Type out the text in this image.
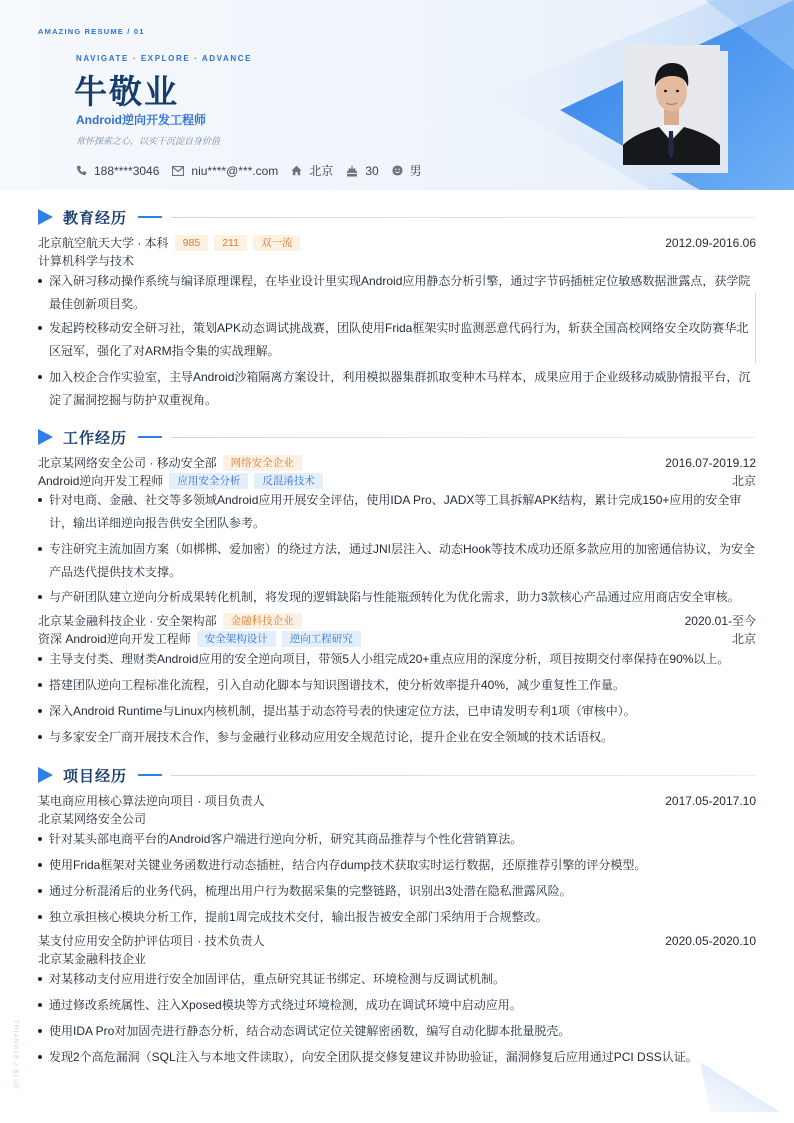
AMAZING RESUME / 01
NAVIGATE · EXPLORE · ADVANCE
牛敬业
Android逆向开发工程师
常怀探索之心，以实干沉淀自身价值
188****3046	niu****@***.com	北京	30	男
TRIANGLE / BLUE
教育经历
北京航空航天大学 · 本科	985	211	双一流	2012.09-2016.06
计算机科学与技术
深入研习移动操作系统与编译原理课程，在毕业设计里实现Android应用静态分析引擎，通过字节码插桩定位敏感数据泄露点，获学院最佳创新项目奖。
发起跨校移动安全研习社，策划APK动态调试挑战赛，团队使用Frida框架实时监测恶意代码行为，斩获全国高校网络安全攻防赛华北区冠军，强化了对ARM指令集的实战理解。
加入校企合作实验室，主导Android沙箱隔离方案设计，利用模拟器集群抓取变种木马样本，成果应用于企业级移动威胁情报平台，沉淀了漏洞挖掘与防护双重视角。
工作经历
北京某网络安全公司 · 移动安全部	网络安全企业	2016.07-2019.12
Android逆向开发工程师	应用安全分析	反混淆技术	北京
针对电商、金融、社交等多领域Android应用开展安全评估，使用IDA Pro、JADX等工具拆解APK结构，累计完成150+应用的安全审计，输出详细逆向报告供安全团队参考。
专注研究主流加固方案（如梆梆、爱加密）的绕过方法，通过JNI层注入、动态Hook等技术成功还原多款应用的加密通信协议，为安全产品迭代提供技术支撑。
与产研团队建立逆向分析成果转化机制，将发现的逻辑缺陷与性能瓶颈转化为优化需求，助力3款核心产品通过应用商店安全审核。
北京某金融科技企业 · 安全架构部	金融科技企业	2020.01-至今
资深 Android逆向开发工程师	安全架构设计	逆向工程研究	北京
主导支付类、理财类Android应用的安全逆向项目，带领5人小组完成20+重点应用的深度分析，项目按期交付率保持在90%以上。
搭建团队逆向工程标准化流程，引入自动化脚本与知识图谱技术，使分析效率提升40%，减少重复性工作量。
深入Android Runtime与Linux内核机制，提出基于动态符号表的快速定位方法，已申请发明专利1项（审核中）。
与多家安全厂商开展技术合作，参与金融行业移动应用安全规范讨论，提升企业在安全领域的技术话语权。
项目经历
某电商应用核心算法逆向项目 · 项目负责人	2017.05-2017.10
北京某网络安全公司
针对某头部电商平台的Android客户端进行逆向分析，研究其商品推荐与个性化营销算法。
使用Frida框架对关键业务函数进行动态插桩，结合内存dump技术获取实时运行数据，还原推荐引擎的评分模型。
通过分析混淆后的业务代码，梳理出用户行为数据采集的完整链路，识别出3处潜在隐私泄露风险。
独立承担核心模块分析工作，提前1周完成技术交付，输出报告被安全部门采纳用于合规整改。
某支付应用安全防护评估项目 · 技术负责人	2020.05-2020.10
北京某金融科技企业
对某移动支付应用进行安全加固评估，重点研究其证书绑定、环境检测与反调试机制。
通过修改系统属性、注入Xposed模块等方式绕过环境检测，成功在调试环境中启动应用。
使用IDA Pro对加固壳进行静态分析，结合动态调试定位关键解密函数，编写自动化脚本批量脱壳。
发现2个高危漏洞（SQL注入与本地文件读取），向安全团队提交修复建议并协助验证，漏洞修复后应用通过PCI DSS认证。
